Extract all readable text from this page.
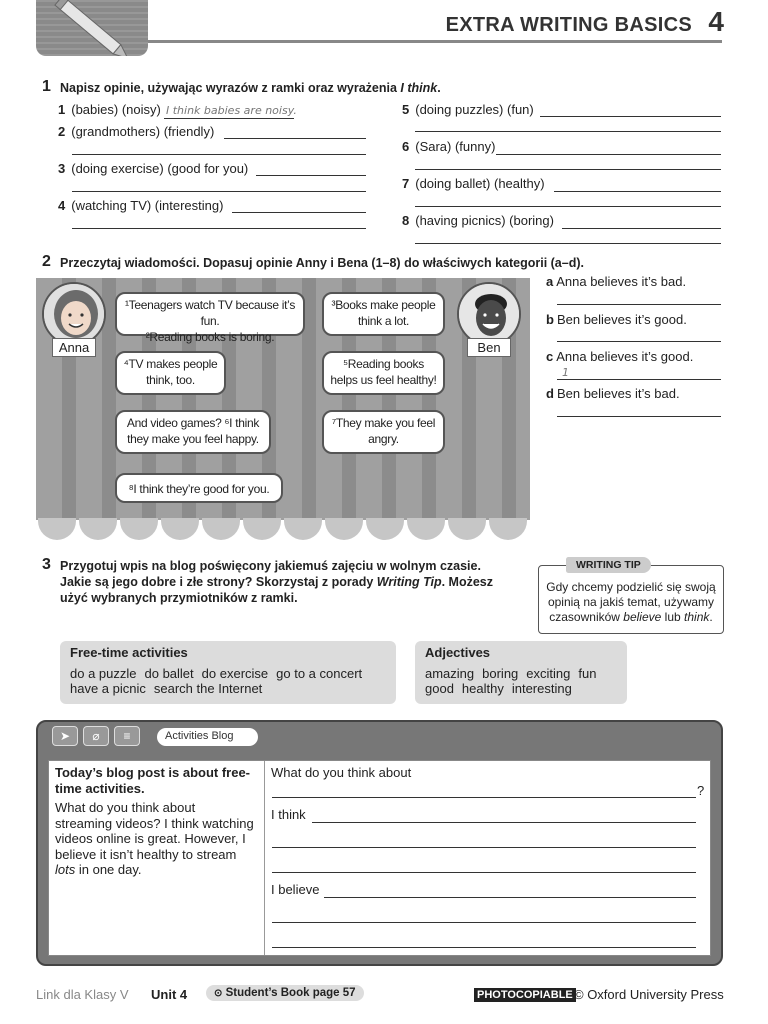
EXTRA WRITING BASICS 4
1 Napisz opinie, używając wyrazów z ramki oraz wyrażenia I think.
1 (babies) (noisy) I think babies are noisy.
2 (grandmothers) (friendly)
3 (doing exercise) (good for you)
4 (watching TV) (interesting)
5 (doing puzzles) (fun)
6 (Sara) (funny)
7 (doing ballet) (healthy)
8 (having picnics) (boring)
2 Przeczytaj wiadomości. Dopasuj opinie Anny i Bena (1–8) do właściwych kategorii (a–d).
Anna	Ben
¹Teenagers watch TV because it’s fun.
²Reading books is boring.
³Books make people think a lot.
⁴TV makes people think, too.
⁵Reading books helps us feel healthy!
And video games? ⁶I think they make you feel happy.
⁷They make you feel angry.
⁸I think they’re good for you.
a Anna believes it’s bad.
b Ben believes it’s good.
c Anna believes it’s good.
1
d Ben believes it’s bad.
3 Przygotuj wpis na blog poświęcony jakiemuś zajęciu w wolnym czasie.
Jakie są jego dobre i złe strony? Skorzystaj z porady Writing Tip. Możesz
użyć wybranych przymiotników z ramki.
Gdy chcemy podzielić się swoją
opinią na jakiś temat, używamy
czasowników believe lub think.
WRITING TIP
Free-time activities
do a puzzle do ballet do exercise go to a concert
have a picnic search the Internet
Adjectives
amazing boring exciting fun
good healthy interesting
➤	⌀	≡	Activities Blog
Today’s blog post is about free-time activities.
What do you think about streaming videos? I think watching videos online is great. However, I believe it isn’t healthy to stream lots in one day.
What do you think about
?
I think
I believe
Link dla Klasy V Unit 4	⊙ Student’s Book page 57	PHOTOCOPIABLE © Oxford University Press
